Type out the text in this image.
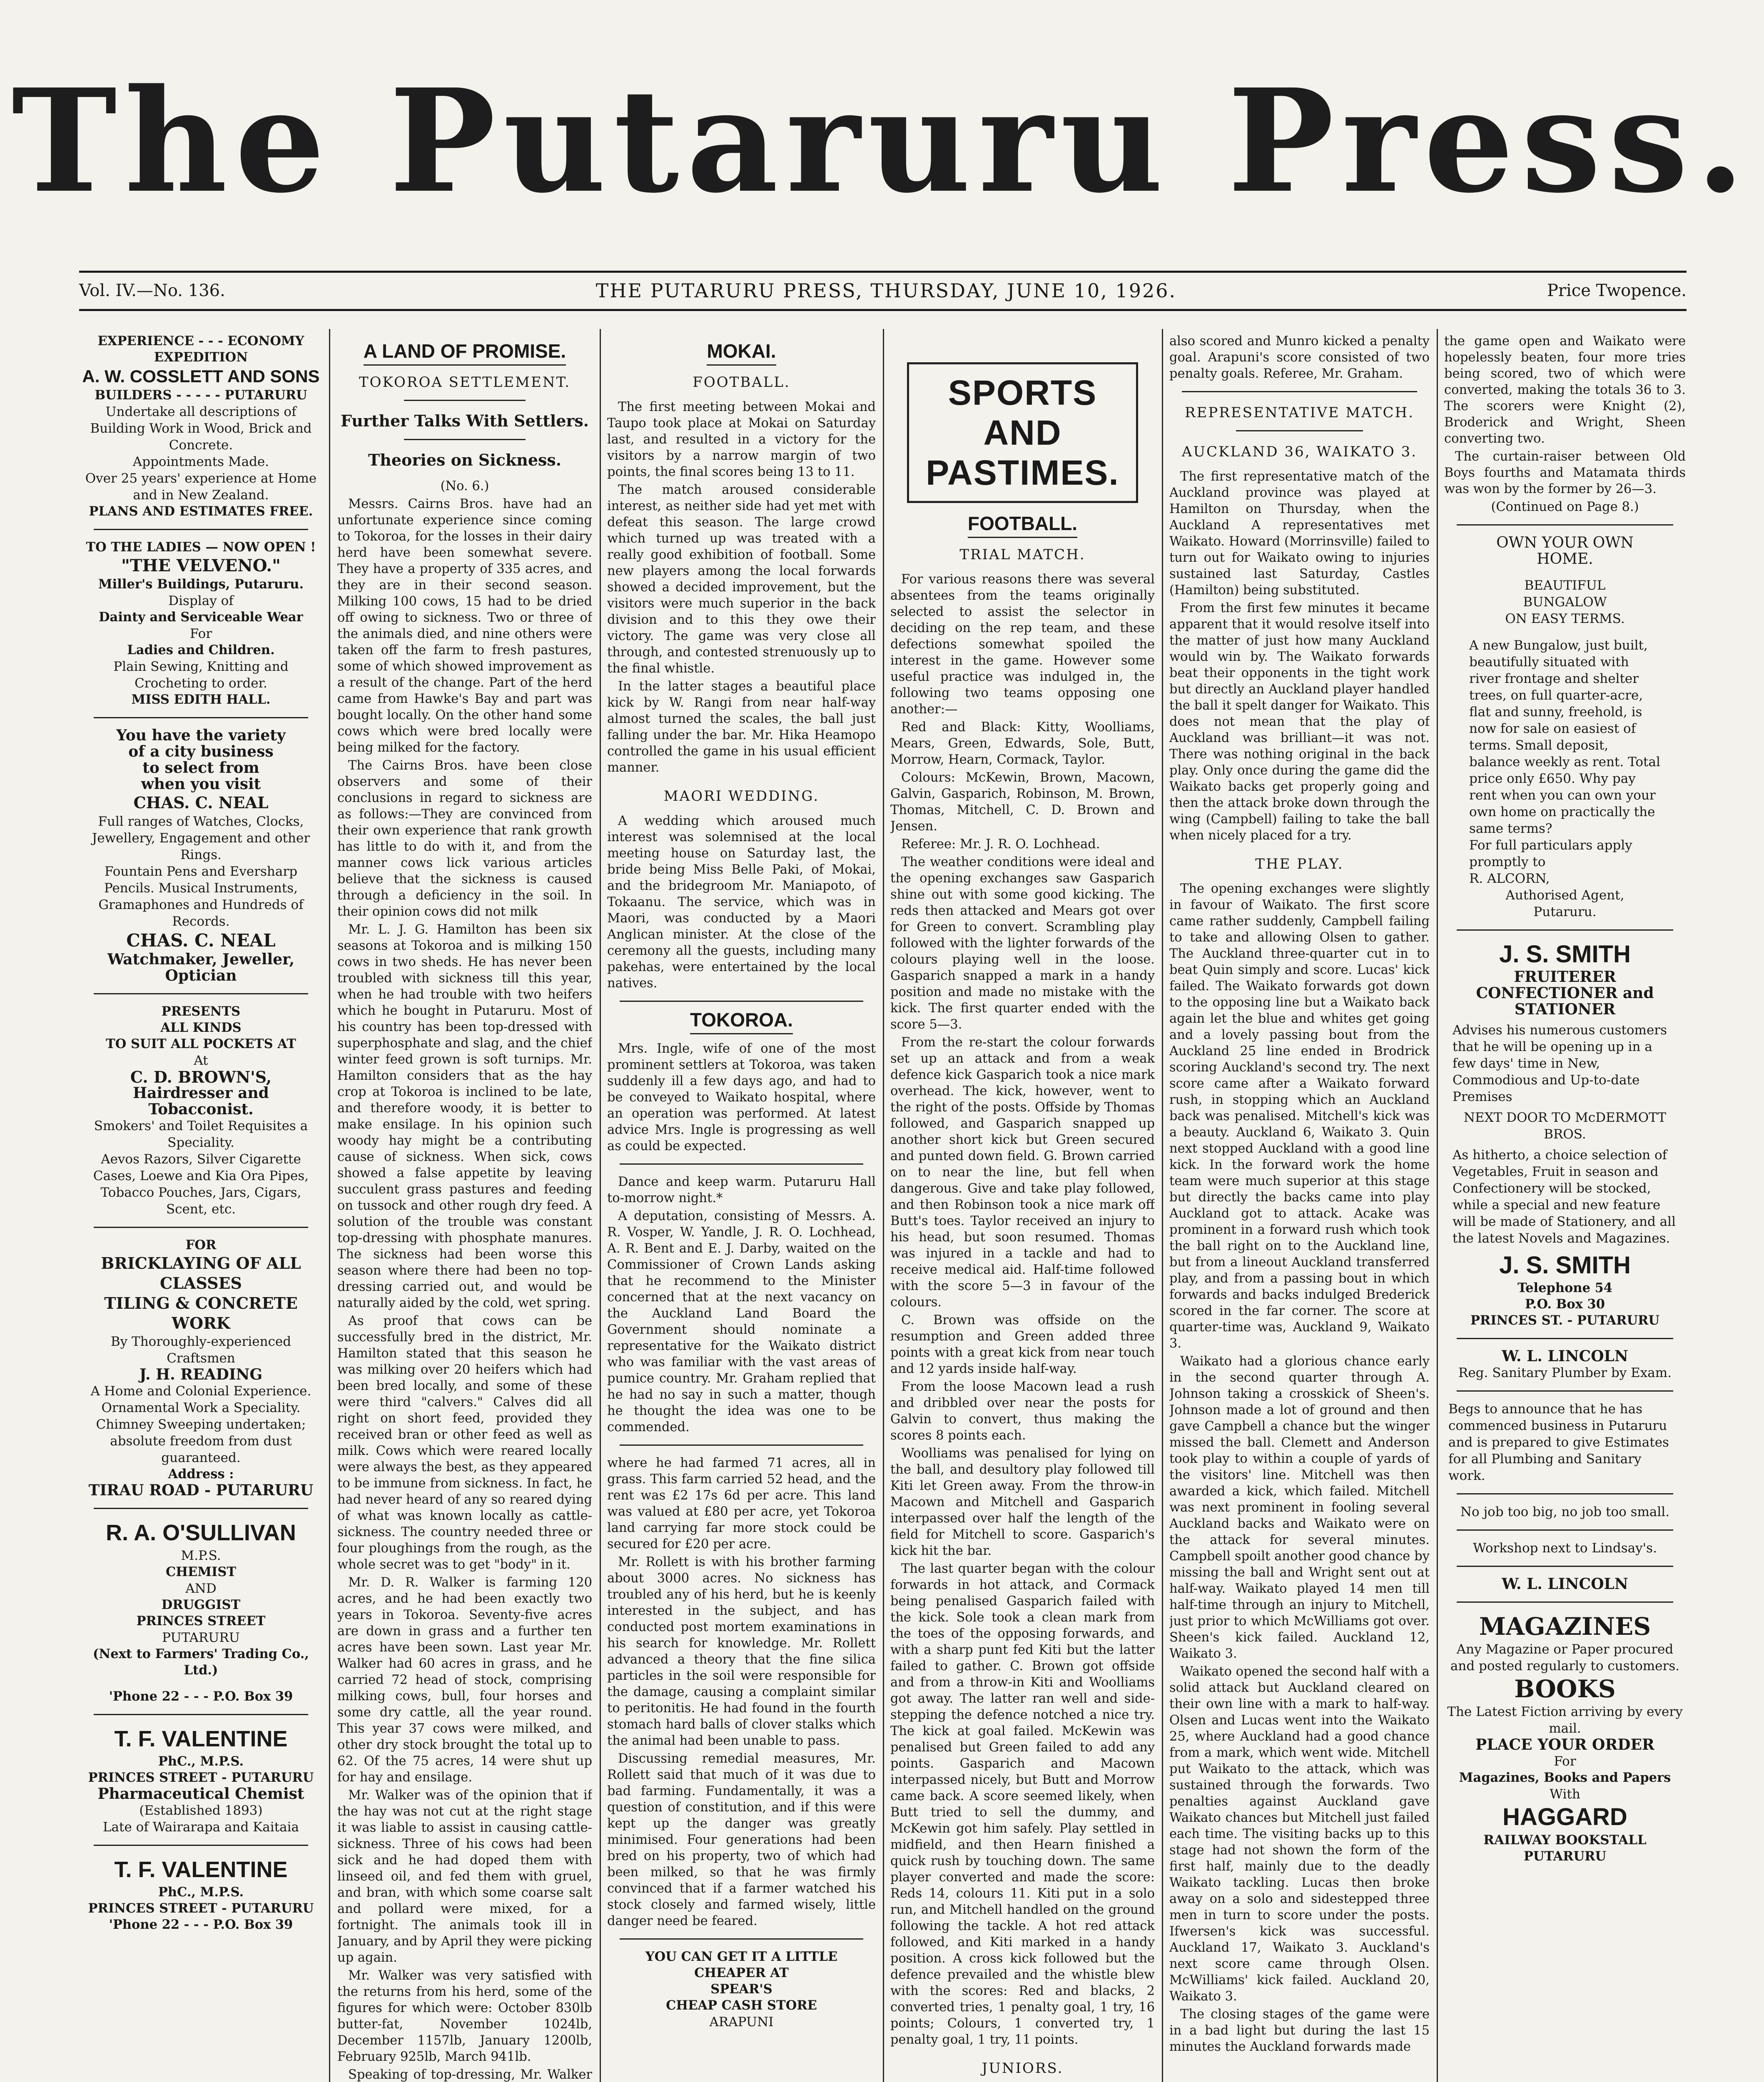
The Putaruru Press.
Vol. IV.—No. 136.	THE PUTARURU PRESS, THURSDAY, JUNE 10, 1926.	Price Twopence.
EXPERIENCE - - - ECONOMY
EXPEDITION
A. W. COSSLETT AND SONS
BUILDERS - - - - - PUTARURU
Undertake all descriptions of Building Work in Wood, Brick and Concrete.
Appointments Made.
Over 25 years' experience at Home and in New Zealand.
PLANS AND ESTIMATES FREE.
TO THE LADIES — NOW OPEN !
"THE VELVENO."
Miller's Buildings, Putaruru.
Display of
Dainty and Serviceable Wear
For
Ladies and Children.
Plain Sewing, Knitting and Crocheting to order.
MISS EDITH HALL.
You have the variety
of a city business
to select from
when you visit
CHAS. C. NEAL
Full ranges of Watches, Clocks, Jewellery, Engagement and other Rings.
Fountain Pens and Eversharp Pencils. Musical Instruments, Gramaphones and Hundreds of Records.
CHAS. C. NEAL
Watchmaker, Jeweller, Optician
PRESENTS
ALL KINDS
TO SUIT ALL POCKETS AT
At
C. D. BROWN'S,
Hairdresser and Tobacconist.
Smokers' and Toilet Requisites a Speciality.
Aevos Razors, Silver Cigarette Cases, Loewe and Kia Ora Pipes, Tobacco Pouches, Jars, Cigars, Scent, etc.
FOR
BRICKLAYING OF ALL CLASSES
TILING & CONCRETE WORK
By Thoroughly-experienced Craftsmen
J. H. READING
A Home and Colonial Experience. Ornamental Work a Speciality.
Chimney Sweeping undertaken; absolute freedom from dust guaranteed.
Address :
TIRAU ROAD - PUTARURU
R. A. O'SULLIVAN
M.P.S.
CHEMIST
AND
DRUGGIST
PRINCES STREET
PUTARURU
(Next to Farmers' Trading Co., Ltd.)
'Phone 22 - - - P.O. Box 39
T. F. VALENTINE
PhC., M.P.S.
PRINCES STREET - PUTARURU
Pharmaceutical Chemist
(Established 1893)
Late of Wairarapa and Kaitaia
T. F. VALENTINE
PhC., M.P.S.
PRINCES STREET - PUTARURU
'Phone 22 - - - P.O. Box 39
A LAND OF PROMISE.
TOKOROA SETTLEMENT.
Further Talks With Settlers.
Theories on Sickness.

(No. 6.)

Messrs. Cairns Bros. have had an unfortunate experience since coming to Tokoroa, for the losses in their dairy herd have been somewhat severe. They have a property of 335 acres, and they are in their second season. Milking 100 cows, 15 had to be dried off owing to sickness. Two or three of the animals died, and nine others were taken off the farm to fresh pastures, some of which showed improvement as a result of the change. Part of the herd came from Hawke's Bay and part was bought locally. On the other hand some cows which were bred locally were being milked for the factory.

The Cairns Bros. have been close observers and some of their conclusions in regard to sickness are as follows:—They are convinced from their own experience that rank growth has little to do with it, and from the manner cows lick various articles believe that the sickness is caused through a deficiency in the soil. In their opinion cows did not milk

Mr. L. J. G. Hamilton has been six seasons at Tokoroa and is milking 150 cows in two sheds. He has never been troubled with sickness till this year, when he had trouble with two heifers which he bought in Putaruru. Most of his country has been top-dressed with superphosphate and slag, and the chief winter feed grown is soft turnips. Mr. Hamilton considers that as the hay crop at Tokoroa is inclined to be late, and therefore woody, it is better to make ensilage. In his opinion such woody hay might be a contributing cause of sickness. When sick, cows showed a false appetite by leaving succulent grass pastures and feeding on tussock and other rough dry feed. A solution of the trouble was constant top-dressing with phosphate manures. The sickness had been worse this season where there had been no top-dressing carried out, and would be naturally aided by the cold, wet spring.

As proof that cows can be successfully bred in the district, Mr. Hamilton stated that this season he was milking over 20 heifers which had been bred locally, and some of these were third "calvers." Calves did all right on short feed, provided they received bran or other feed as well as milk. Cows which were reared locally were always the best, as they appeared to be immune from sickness. In fact, he had never heard of any so reared dying of what was known locally as cattle-sickness. The country needed three or four ploughings from the rough, as the whole secret was to get "body" in it.

Mr. D. R. Walker is farming 120 acres, and he had been exactly two years in Tokoroa. Seventy-five acres are down in grass and a further ten acres have been sown. Last year Mr. Walker had 60 acres in grass, and he carried 72 head of stock, comprising milking cows, bull, four horses and some dry cattle, all the year round. This year 37 cows were milked, and other dry stock brought the total up to 62. Of the 75 acres, 14 were shut up for hay and ensilage.

Mr. Walker was of the opinion that if the hay was not cut at the right stage it was liable to assist in causing cattle-sickness. Three of his cows had been sick and he had doped them with linseed oil, and fed them with gruel, and bran, with which some coarse salt and pollard were mixed, for a fortnight. The animals took ill in January, and by April they were picking up again.

Mr. Walker was very satisfied with the returns from his herd, some of the figures for which were: October 830lb butter-fat, November 1024lb, December 1157lb, January 1200lb, February 925lb, March 941lb.

Speaking of top-dressing, Mr. Walker

MOKAI.
FOOTBALL.

The first meeting between Mokai and Taupo took place at Mokai on Saturday last, and resulted in a victory for the visitors by a narrow margin of two points, the final scores being 13 to 11.

The match aroused considerable interest, as neither side had yet met with defeat this season. The large crowd which turned up was treated with a really good exhibition of football. Some new players among the local forwards showed a decided improvement, but the visitors were much superior in the back division and to this they owe their victory. The game was very close all through, and contested strenuously up to the final whistle.

In the latter stages a beautiful place kick by W. Rangi from near half-way almost turned the scales, the ball just falling under the bar. Mr. Hika Heamopo controlled the game in his usual efficient manner.

MAORI WEDDING.

A wedding which aroused much interest was solemnised at the local meeting house on Saturday last, the bride being Miss Belle Paki, of Mokai, and the bridegroom Mr. Maniapoto, of Tokaanu. The service, which was in Maori, was conducted by a Maori Anglican minister. At the close of the ceremony all the guests, including many pakehas, were entertained by the local natives.

TOKOROA.

Mrs. Ingle, wife of one of the most prominent settlers at Tokoroa, was taken suddenly ill a few days ago, and had to be conveyed to Waikato hospital, where an operation was performed. At latest advice Mrs. Ingle is progressing as well as could be expected.

Dance and keep warm. Putaruru Hall to-morrow night.*

A deputation, consisting of Messrs. A. R. Vosper, W. Yandle, J. R. O. Lochhead, A. R. Bent and E. J. Darby, waited on the Commissioner of Crown Lands asking that he recommend to the Minister concerned that at the next vacancy on the Auckland Land Board the Government should nominate a representative for the Waikato district who was familiar with the vast areas of pumice country. Mr. Graham replied that he had no say in such a matter, though he thought the idea was one to be commended.

where he had farmed 71 acres, all in grass. This farm carried 52 head, and the rent was £2 17s 6d per acre. This land was valued at £80 per acre, yet Tokoroa land carrying far more stock could be secured for £20 per acre.

Mr. Rollett is with his brother farming about 3000 acres. No sickness has troubled any of his herd, but he is keenly interested in the subject, and has conducted post mortem examinations in his search for knowledge. Mr. Rollett advanced a theory that the fine silica particles in the soil were responsible for the damage, causing a complaint similar to peritonitis. He had found in the fourth stomach hard balls of clover stalks which the animal had been unable to pass.

Discussing remedial measures, Mr. Rollett said that much of it was due to bad farming. Fundamentally, it was a question of constitution, and if this were kept up the danger was greatly minimised. Four generations had been bred on his property, two of which had been milked, so that he was firmly convinced that if a farmer watched his stock closely and farmed wisely, little danger need be feared.

YOU CAN GET IT A LITTLE
CHEAPER AT
SPEAR'S
CHEAP CASH STORE
ARAPUNI
SPORTS AND PASTIMES.
FOOTBALL.
TRIAL MATCH.

For various reasons there was several absentees from the teams originally selected to assist the selector in deciding on the rep team, and these defections somewhat spoiled the interest in the game. However some useful practice was indulged in, the following two teams opposing one another:—

Red and Black: Kitty, Woolliams, Mears, Green, Edwards, Sole, Butt, Morrow, Hearn, Cormack, Taylor.

Colours: McKewin, Brown, Macown, Galvin, Gasparich, Robinson, M. Brown, Thomas, Mitchell, C. D. Brown and Jensen.

Referee: Mr. J. R. O. Lochhead.

The weather conditions were ideal and the opening exchanges saw Gasparich shine out with some good kicking. The reds then attacked and Mears got over for Green to convert. Scrambling play followed with the lighter forwards of the colours playing well in the loose. Gasparich snapped a mark in a handy position and made no mistake with the kick. The first quarter ended with the score 5—3.

From the re-start the colour forwards set up an attack and from a weak defence kick Gasparich took a nice mark overhead. The kick, however, went to the right of the posts. Offside by Thomas followed, and Gasparich snapped up another short kick but Green secured and punted down field. G. Brown carried on to near the line, but fell when dangerous. Give and take play followed, and then Robinson took a nice mark off Butt's toes. Taylor received an injury to his head, but soon resumed. Thomas was injured in a tackle and had to receive medical aid. Half-time followed with the score 5—3 in favour of the colours.

C. Brown was offside on the resumption and Green added three points with a great kick from near touch and 12 yards inside half-way.

From the loose Macown lead a rush and dribbled over near the posts for Galvin to convert, thus making the scores 8 points each.

Woolliams was penalised for lying on the ball, and desultory play followed till Kiti let Green away. From the throw-in Macown and Mitchell and Gasparich interpassed over half the length of the field for Mitchell to score. Gasparich's kick hit the bar.

The last quarter began with the colour forwards in hot attack, and Cormack being penalised Gasparich failed with the kick. Sole took a clean mark from the toes of the opposing forwards, and with a sharp punt fed Kiti but the latter failed to gather. C. Brown got offside and from a throw-in Kiti and Woolliams got away. The latter ran well and side-stepping the defence notched a nice try. The kick at goal failed. McKewin was penalised but Green failed to add any points. Gasparich and Macown interpassed nicely, but Butt and Morrow came back. A score seemed likely, when Butt tried to sell the dummy, and McKewin got him safely. Play settled in midfield, and then Hearn finished a quick rush by touching down. The same player converted and made the score: Reds 14, colours 11. Kiti put in a solo run, and Mitchell handled on the ground following the tackle. A hot red attack followed, and Kiti marked in a handy position. A cross kick followed but the defence prevailed and the whistle blew with the scores: Red and blacks, 2 converted tries, 1 penalty goal, 1 try, 16 points; Colours, 1 converted try, 1 penalty goal, 1 try, 11 points.

JUNIORS.

also scored and Munro kicked a penalty goal. Arapuni's score consisted of two penalty goals. Referee, Mr. Graham.

REPRESENTATIVE MATCH.
AUCKLAND 36, WAIKATO 3.

The first representative match of the Auckland province was played at Hamilton on Thursday, when the Auckland A representatives met Waikato. Howard (Morrinsville) failed to turn out for Waikato owing to injuries sustained last Saturday, Castles (Hamilton) being substituted.

From the first few minutes it became apparent that it would resolve itself into the matter of just how many Auckland would win by. The Waikato forwards beat their opponents in the tight work but directly an Auckland player handled the ball it spelt danger for Waikato. This does not mean that the play of Auckland was brilliant—it was not. There was nothing original in the back play. Only once during the game did the Waikato backs get properly going and then the attack broke down through the wing (Campbell) failing to take the ball when nicely placed for a try.

THE PLAY.

The opening exchanges were slightly in favour of Waikato. The first score came rather suddenly, Campbell failing to take and allowing Olsen to gather. The Auckland three-quarter cut in to beat Quin simply and score. Lucas' kick failed. The Waikato forwards got down to the opposing line but a Waikato back again let the blue and whites get going and a lovely passing bout from the Auckland 25 line ended in Brodrick scoring Auckland's second try. The next score came after a Waikato forward rush, in stopping which an Auckland back was penalised. Mitchell's kick was a beauty. Auckland 6, Waikato 3. Quin next stopped Auckland with a good line kick. In the forward work the home team were much superior at this stage but directly the backs came into play Auckland got to attack. Acake was prominent in a forward rush which took the ball right on to the Auckland line, but from a lineout Auckland transferred play, and from a passing bout in which forwards and backs indulged Brederick scored in the far corner. The score at quarter-time was, Auckland 9, Waikato 3.

Waikato had a glorious chance early in the second quarter through A. Johnson taking a crosskick of Sheen's. Johnson made a lot of ground and then gave Campbell a chance but the winger missed the ball. Clemett and Anderson took play to within a couple of yards of the visitors' line. Mitchell was then awarded a kick, which failed. Mitchell was next prominent in fooling several Auckland backs and Waikato were on the attack for several minutes. Campbell spoilt another good chance by missing the ball and Wright sent out at half-way. Waikato played 14 men till half-time through an injury to Mitchell, just prior to which McWilliams got over. Sheen's kick failed. Auckland 12, Waikato 3.

Waikato opened the second half with a solid attack but Auckland cleared on their own line with a mark to half-way. Olsen and Lucas went into the Waikato 25, where Auckland had a good chance from a mark, which went wide. Mitchell put Waikato to the attack, which was sustained through the forwards. Two penalties against Auckland gave Waikato chances but Mitchell just failed each time. The visiting backs up to this stage had not shown the form of the first half, mainly due to the deadly Waikato tackling. Lucas then broke away on a solo and sidestepped three men in turn to score under the posts. Ifwersen's kick was successful. Auckland 17, Waikato 3. Auckland's next score came through Olsen. McWilliams' kick failed. Auckland 20, Waikato 3.

The closing stages of the game were in a bad light but during the last 15 minutes the Auckland forwards made

the game open and Waikato were hopelessly beaten, four more tries being scored, two of which were converted, making the totals 36 to 3. The scorers were Knight (2), Broderick and Wright, Sheen converting two.

The curtain-raiser between Old Boys fourths and Matamata thirds was won by the former by 26—3.

(Continued on Page 8.)

OWN YOUR OWN
HOME.
BEAUTIFUL
BUNGALOW
ON EASY TERMS.
A new Bungalow, just built, beautifully situated with river frontage and shelter trees, on full quarter-acre, flat and sunny, freehold, is now for sale on easiest of terms. Small deposit, balance weekly as rent. Total price only £650. Why pay rent when you can own your own home on practically the same terms?
For full particulars apply promptly to
R. ALCORN,
Authorised Agent,
Putaruru.
J. S. SMITH
FRUITERER
CONFECTIONER and
STATIONER
Advises his numerous customers that he will be opening up in a few days' time in New, Commodious and Up-to-date Premises
NEXT DOOR TO McDERMOTT BROS.
As hitherto, a choice selection of Vegetables, Fruit in season and Confectionery will be stocked, while a special and new feature will be made of Stationery, and all the latest Novels and Magazines.
J. S. SMITH
Telephone 54
P.O. Box 30
PRINCES ST. - PUTARURU
W. L. LINCOLN
Reg. Sanitary Plumber by Exam.
Begs to announce that he has commenced business in Putaruru and is prepared to give Estimates for all Plumbing and Sanitary work.
No job too big, no job too small.
Workshop next to Lindsay's.
W. L. LINCOLN
MAGAZINES
Any Magazine or Paper procured and posted regularly to customers.
BOOKS
The Latest Fiction arriving by every mail.
PLACE YOUR ORDER
For
Magazines, Books and Papers
With
HAGGARD
RAILWAY BOOKSTALL
PUTARURU
